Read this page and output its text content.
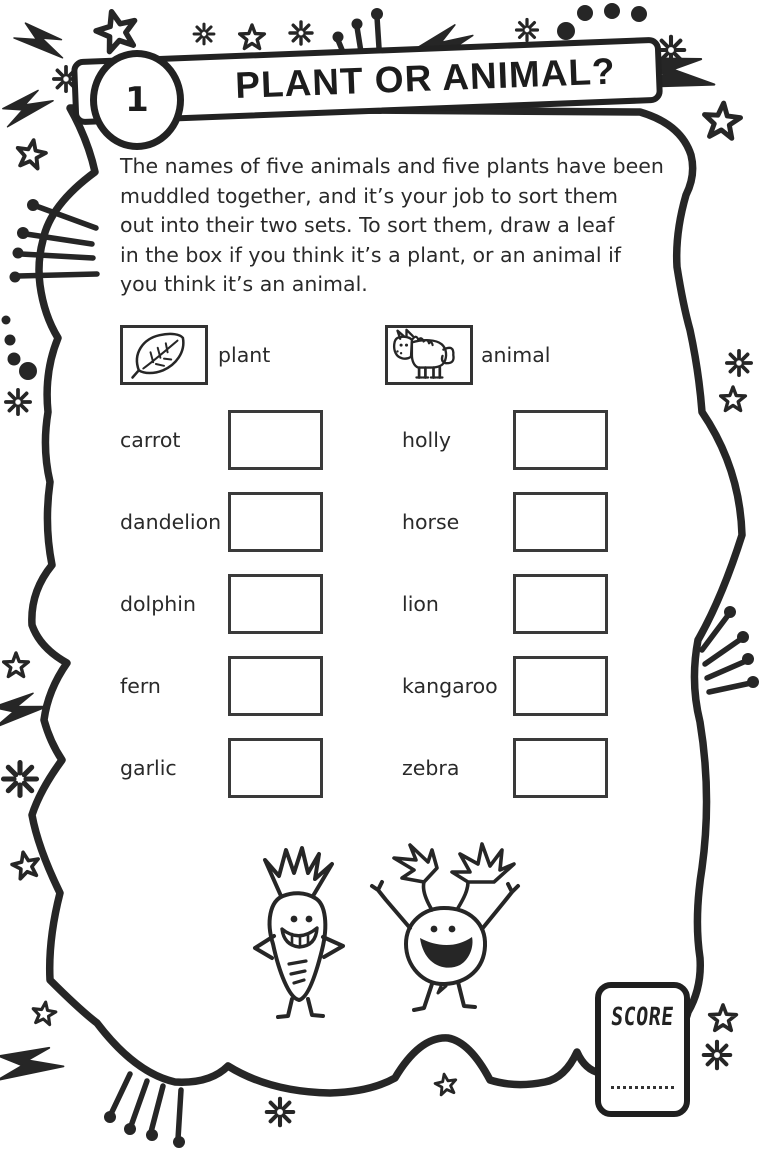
PLANT OR ANIMAL?
1
The names of five animals and five plants have been
muddled together, and it’s your job to sort them
out into their two sets. To sort them, draw a leaf
in the box if you think it’s a plant, or an animal if
you think it’s an animal.
plant	animal
carrot
dandelion
dolphin
fern
garlic
holly
horse
lion
kangaroo
zebra
SCORE
